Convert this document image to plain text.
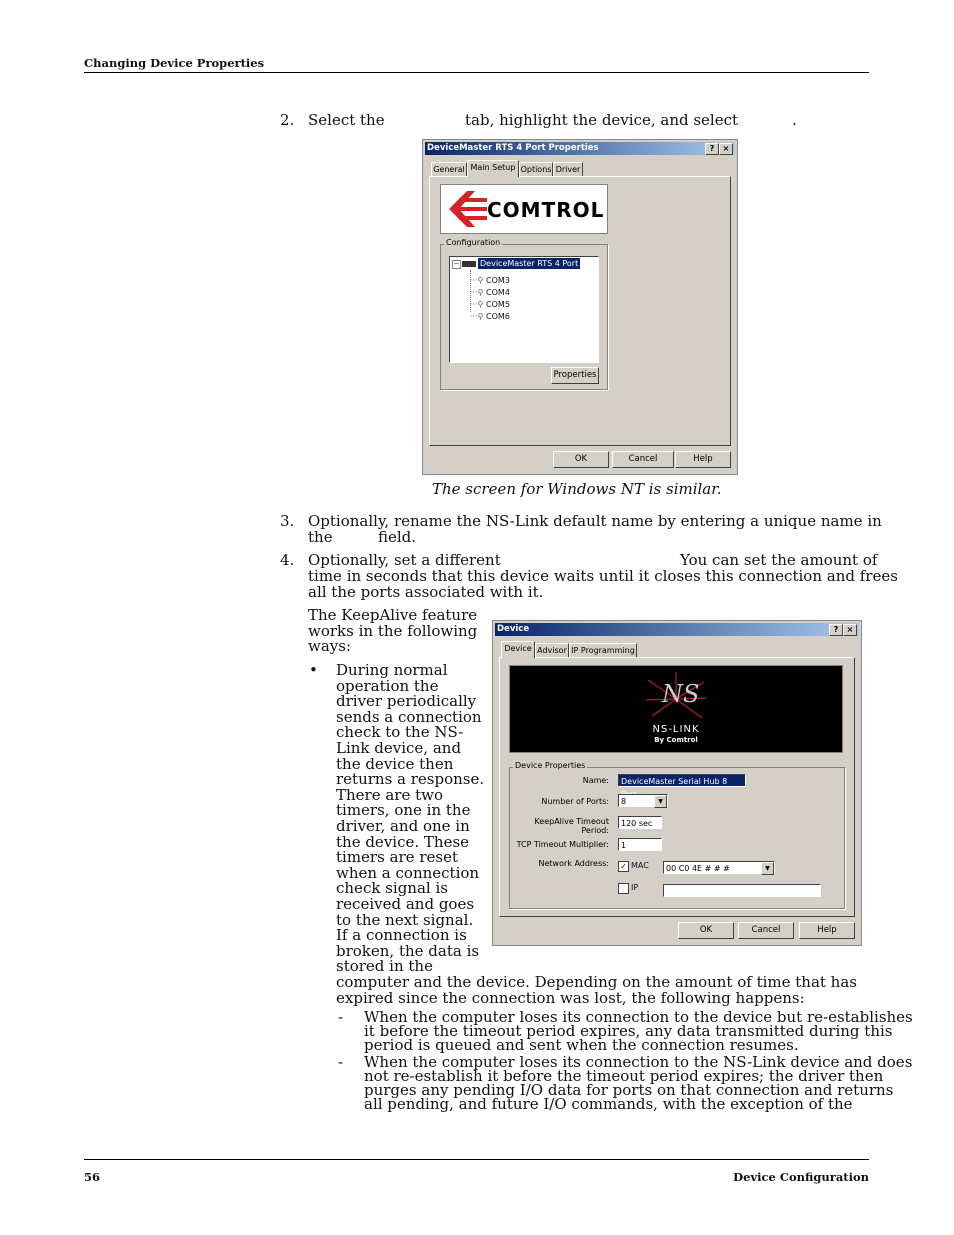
Changing Device Properties
2. Select the	tab, highlight the device, and select	.
DeviceMaster RTS 4 Port Properties	?	×
General Main Setup Options Driver
COMTROL
Configuration
−	DeviceMaster RTS 4 Port
···⚲ COM3
···⚲ COM4
···⚲ COM5
···⚲ COM6
Properties
OK	Cancel	Help
The screen for Windows NT is similar.
3. Optionally, rename the NS-Link default name by entering a unique name in
the	field.
4. Optionally, set a different	You can set the amount of
time in seconds that this device waits until it closes this connection and frees
all the ports associated with it.
The KeepAlive feature
works in the following
ways:
• During normal
operation the
driver periodically
sends a connection
check to the NS-
Link device, and
the device then
returns a response.
There are two
timers, one in the
driver, and one in
the device. These
timers are reset
when a connection
check signal is
received and goes
to the next signal.
If a connection is
broken, the data is
stored in the
computer and the device. Depending on the amount of time that has
expired since the connection was lost, the following happens:
- When the computer loses its connection to the device but re-establishes
it before the timeout period expires, any data transmitted during this
period is queued and sent when the connection resumes.
- When the computer loses its connection to the NS-Link device and does
not re-establish it before the timeout period expires; the driver then
purges any pending I/O data for ports on that connection and returns
all pending, and future I/O commands, with the exception of the
Device	?	×
Device Advisor IP Programming
NS
NS-LINK
By Comtrol
Device Properties
Name:	DeviceMaster Serial Hub 8
Number of Ports:	8	▼
KeepAlive Timeout Period:
120 sec
TCP Timeout Multiplier:	1
Network Address: ✓ MAC	00 C0 4E # # #	▼
IP
OK	Cancel	Help
56	Device Configuration
